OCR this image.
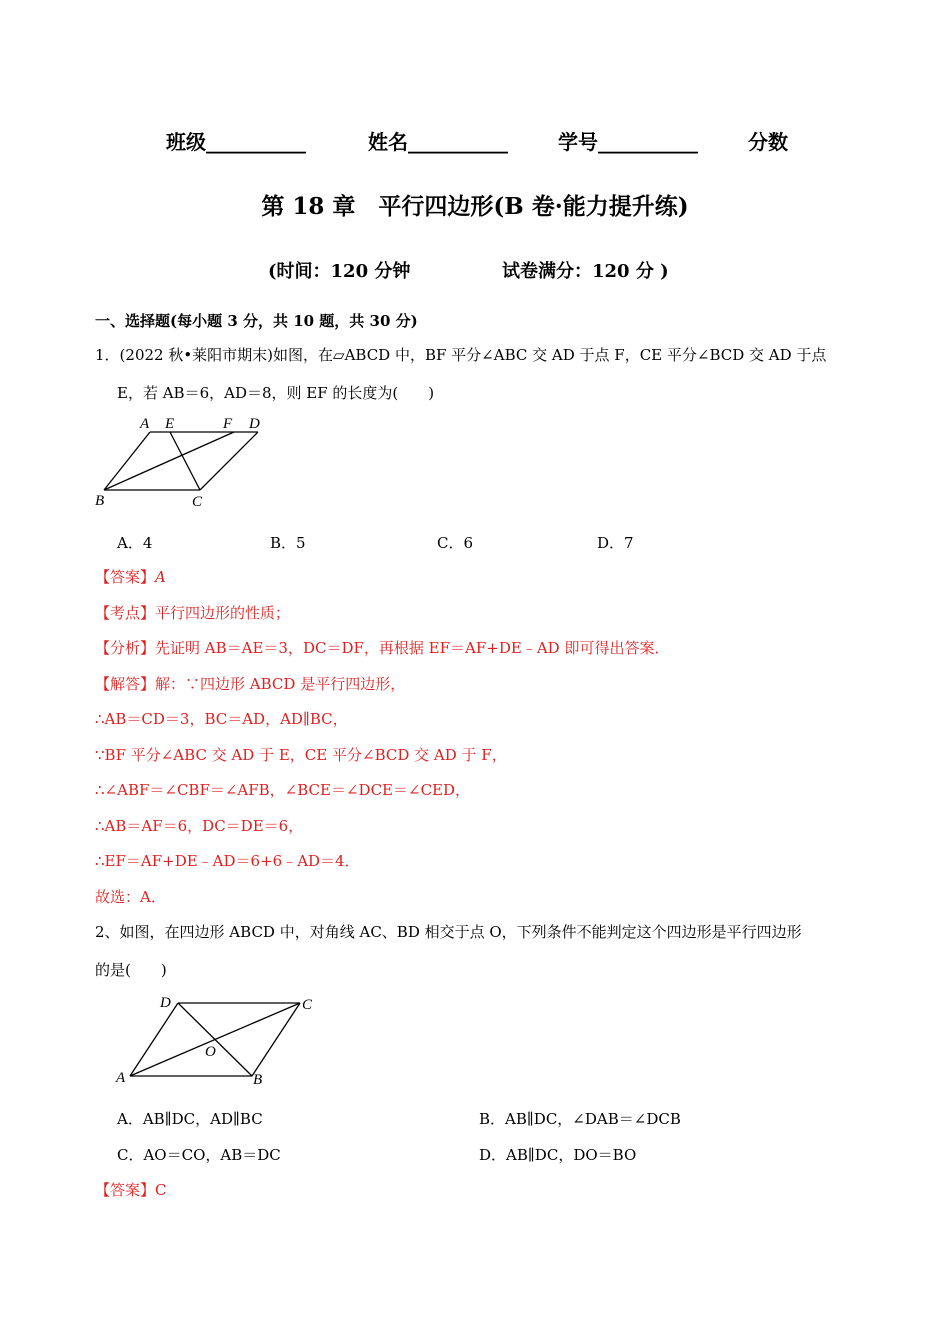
班级__________	姓名__________	学号__________	分数
第 18 章　平行四边形(B 卷·能力提升练)
(时间：120 分钟	试卷满分：120 分 )
一、选择题(每小题 3 分，共 10 题，共 30 分)
1．(2022 秋•莱阳市期末)如图，在▱ABCD 中，BF 平分∠ABC 交 AD 于点 F，CE 平分∠BCD 交 AD 于点
E，若 AB＝6，AD＝8，则 EF 的长度为(　　)
A E	F D
B	C
A．4	B．5	C．6	D．7
【答案】A
【考点】平行四边形的性质；
【分析】先证明 AB＝AE＝3，DC＝DF，再根据 EF＝AF+DE﹣AD 即可得出答案．
【解答】解：∵四边形 ABCD 是平行四边形，
∴AB＝CD＝3，BC＝AD，AD∥BC，
∵BF 平分∠ABC 交 AD 于 E，CE 平分∠BCD 交 AD 于 F，
∴∠ABF＝∠CBF＝∠AFB，∠BCE＝∠DCE＝∠CED，
∴AB＝AF＝6，DC＝DE＝6，
∴EF＝AF+DE﹣AD＝6+6﹣AD＝4．
故选：A．
2、如图，在四边形 ABCD 中，对角线 AC、BD 相交于点 O，下列条件不能判定这个四边形是平行四边形
的是(　　)
D	C
O
A	B
A．AB∥DC，AD∥BC	B．AB∥DC，∠DAB＝∠DCB
C．AO＝CO，AB＝DC	D．AB∥DC，DO＝BO
【答案】C
